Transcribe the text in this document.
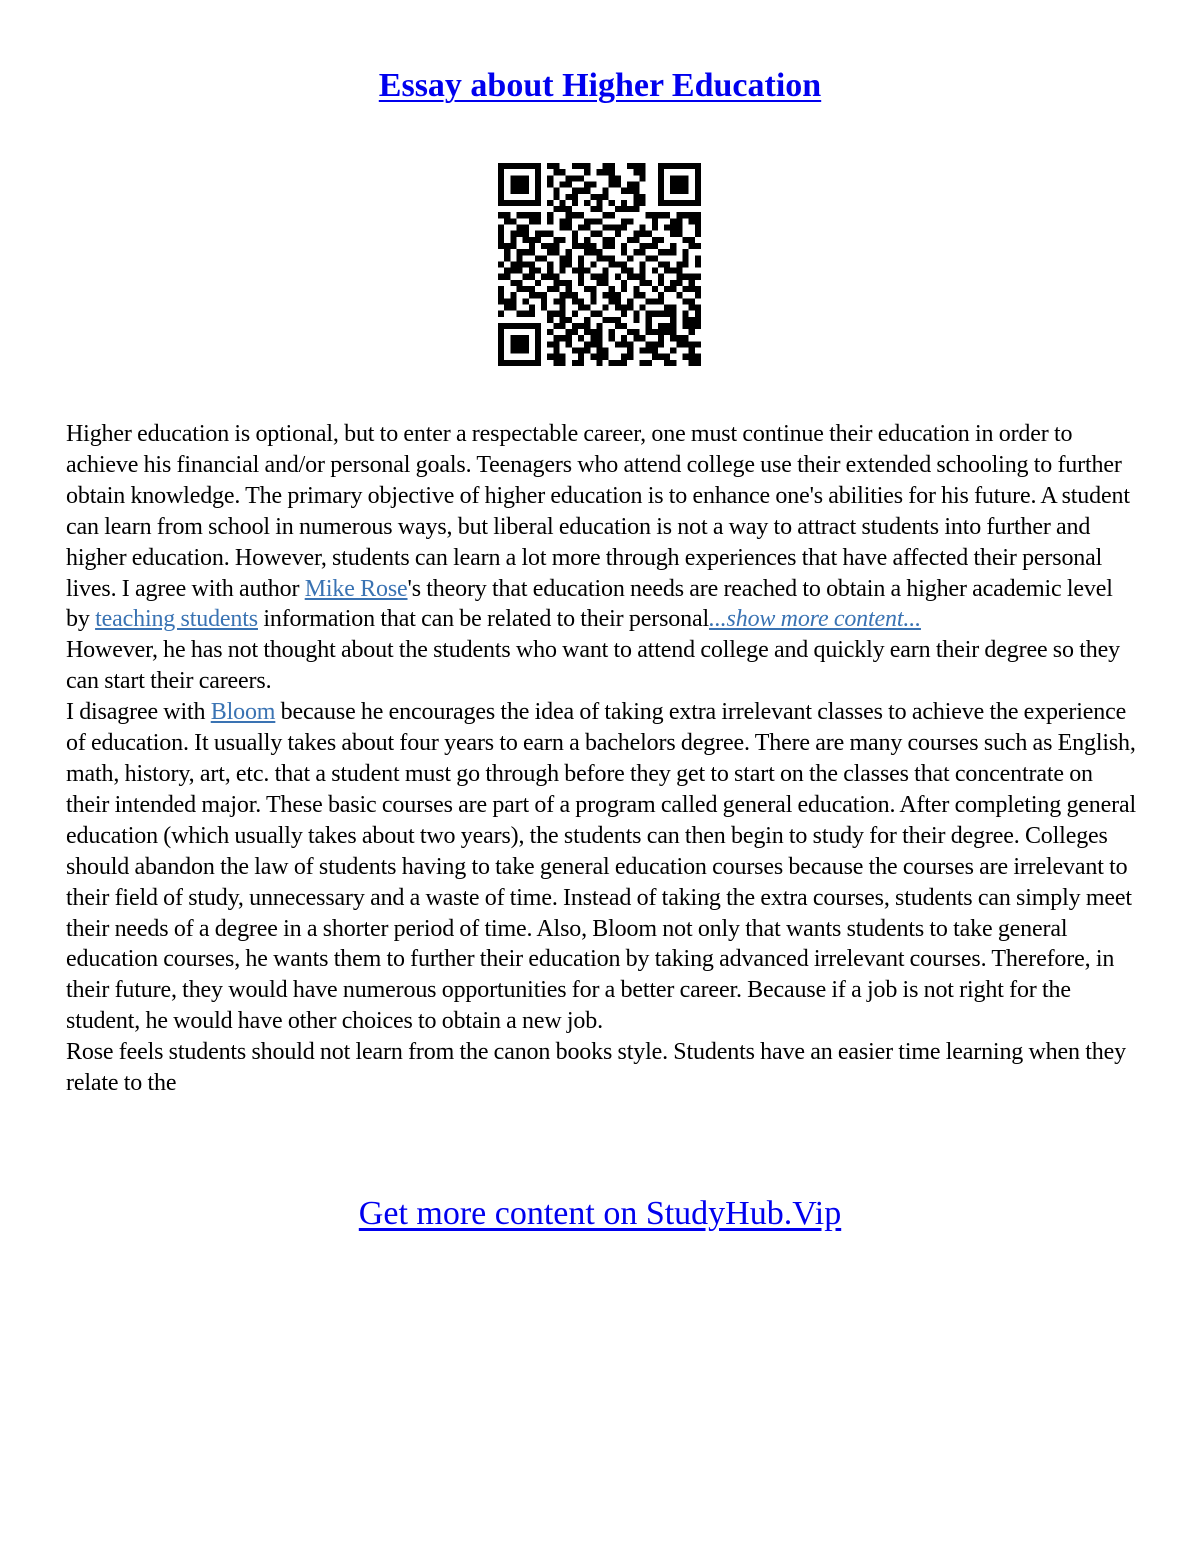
Essay about Higher Education

Higher education is optional, but to enter a respectable career, one must continue their education in order to achieve his financial and/or personal goals. Teenagers who attend college use their extended schooling to further obtain knowledge. The primary objective of higher education is to enhance one's abilities for his future. A student can learn from school in numerous ways, but liberal education is not a way to attract students into further and higher education. However, students can learn a lot more through experiences that have affected their personal lives. I agree with author Mike Rose's theory that education needs are reached to obtain a higher academic level by teaching students information that can be related to their personal...show more content...

However, he has not thought about the students who want to attend college and quickly earn their degree so they can start their careers.

I disagree with Bloom because he encourages the idea of taking extra irrelevant classes to achieve the experience of education. It usually takes about four years to earn a bachelors degree. There are many courses such as English, math, history, art, etc. that a student must go through before they get to start on the classes that concentrate on their intended major. These basic courses are part of a program called general education. After completing general education (which usually takes about two years), the students can then begin to study for their degree. Colleges should abandon the law of students having to take general education courses because the courses are irrelevant to their field of study, unnecessary and a waste of time. Instead of taking the extra courses, students can simply meet their needs of a degree in a shorter period of time. Also, Bloom not only that wants students to take general education courses, he wants them to further their education by taking advanced irrelevant courses. Therefore, in their future, they would have numerous opportunities for a better career. Because if a job is not right for the student, he would have other choices to obtain a new job.

Rose feels students should not learn from the canon books style. Students have an easier time learning when they relate to the

Get more content on StudyHub.Vip
